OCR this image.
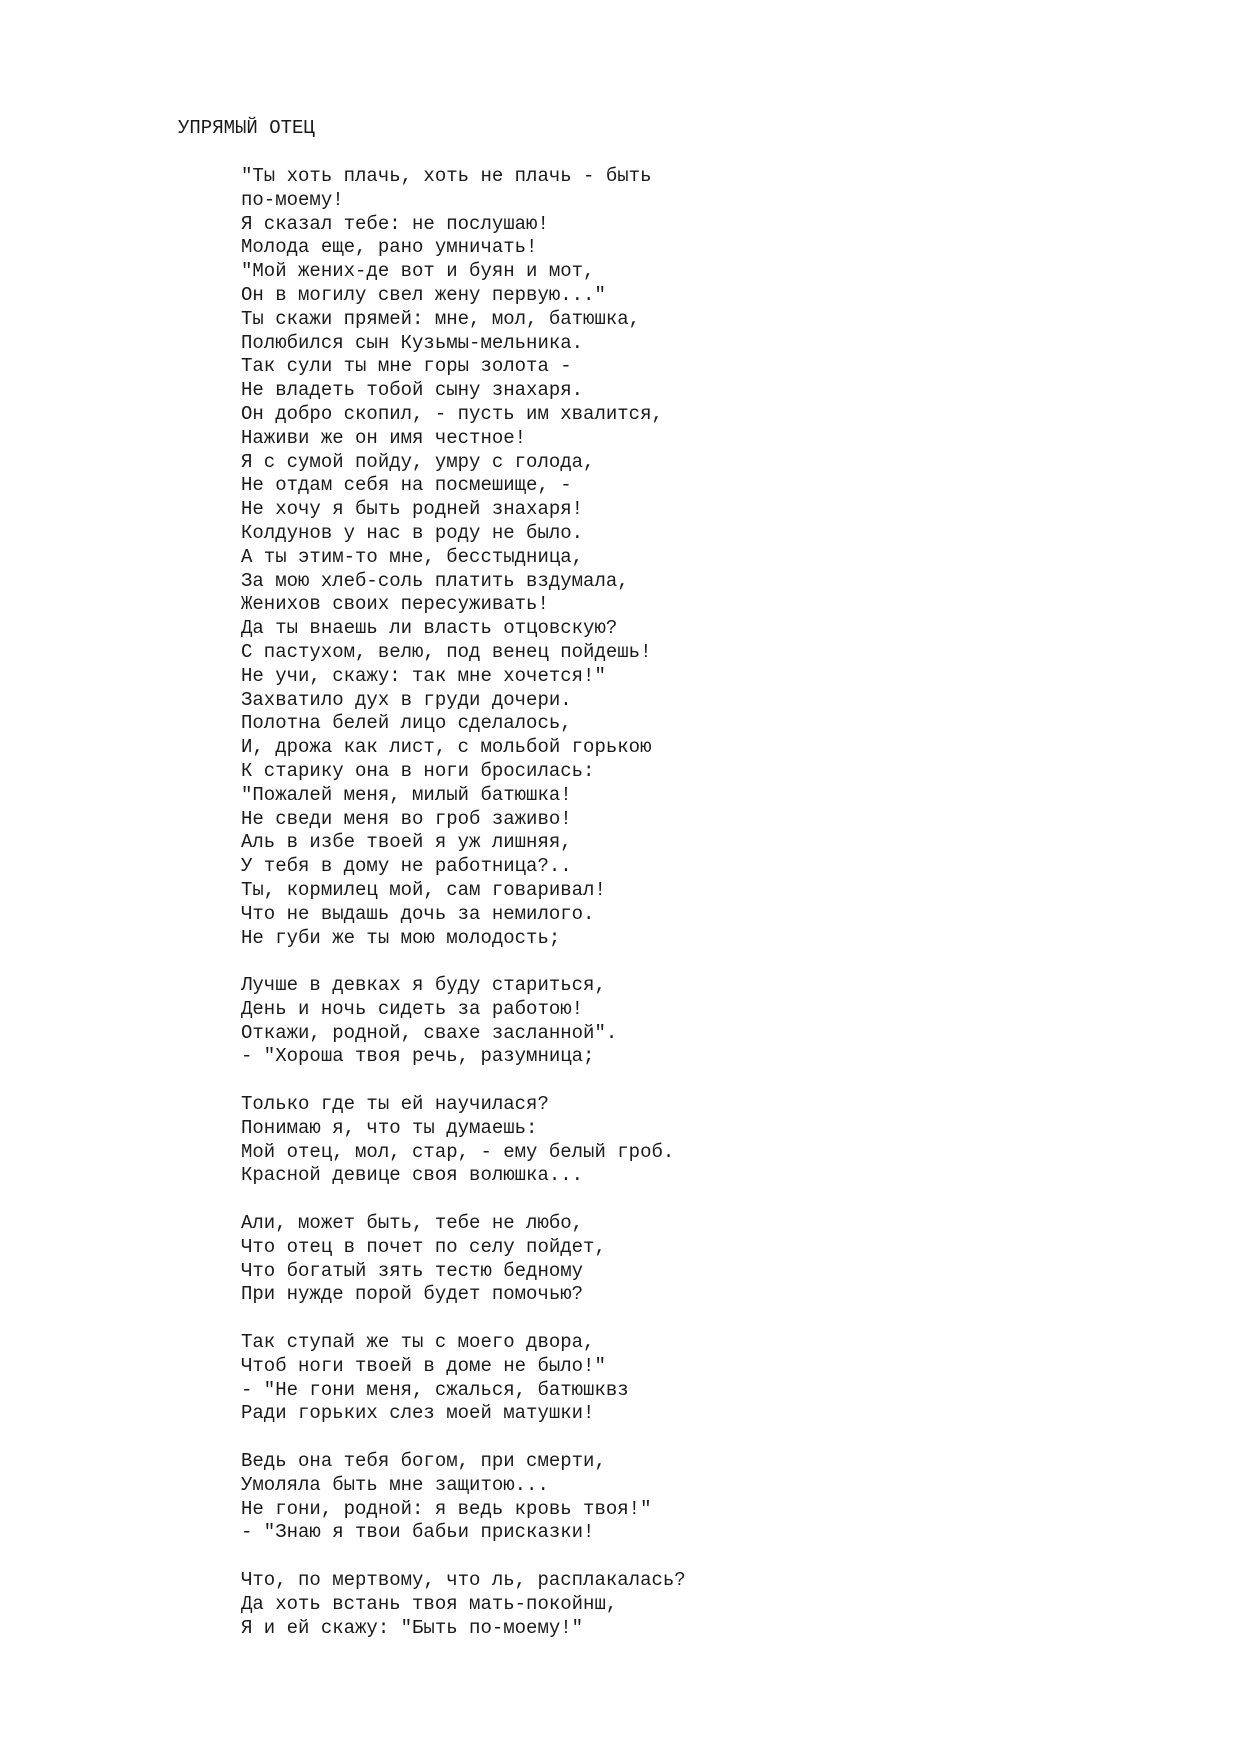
УПРЯМЫЙ ОТЕЦ
"Ты хоть плачь, хоть не плачь - быть
по-моему!
Я сказал тебе: не послушаю!
Молода еще, рано умничать!
"Мой жених-де вот и буян и мот,
Он в могилу свел жену первую..."
Ты скажи прямей: мне, мол, батюшка,
Полюбился сын Кузьмы-мельника.
Так сули ты мне горы золота -
Не владеть тобой сыну знахаря.
Он добро скопил, - пусть им хвалится,
Наживи же он имя честное!
Я с сумой пойду, умру с голода,
Не отдам себя на посмешище, -
Не хочу я быть родней знахаря!
Колдунов у нас в роду не было.
А ты этим-то мне, бесстыдница,
За мою хлеб-соль платить вздумала,
Женихов своих пересуживать!
Да ты внаешь ли власть отцовскую?
С пастухом, велю, под венец пойдешь!
Не учи, скажу: так мне хочется!"
Захватило дух в груди дочери.
Полотна белей лицо сделалось,
И, дрожа как лист, с мольбой горькою
К старику она в ноги бросилась:
"Пожалей меня, милый батюшка!
Не сведи меня во гроб заживо!
Аль в избе твоей я уж лишняя,
У тебя в дому не работница?..
Ты, кормилец мой, сам говаривал!
Что не выдашь дочь за немилого.
Не губи же ты мою молодость;
Лучше в девках я буду стариться,
День и ночь сидеть за работою!
Откажи, родной, свахе засланной".
- "Хороша твоя речь, разумница;
Только где ты ей научилася?
Понимаю я, что ты думаешь:
Мой отец, мол, стар, - ему белый гроб.
Красной девице своя волюшка...
Али, может быть, тебе не любо,
Что отец в почет по селу пойдет,
Что богатый зять тестю бедному
При нужде порой будет помочью?
Так ступай же ты с моего двора,
Чтоб ноги твоей в доме не было!"
- "Не гони меня, сжалься, батюшквз
Ради горьких слез моей матушки!
Ведь она тебя богом, при смерти,
Умоляла быть мне защитою...
Не гони, родной: я ведь кровь твоя!"
- "Знаю я твои бабьи присказки!
Что, по мертвому, что ль, расплакалась?
Да хоть встань твоя мать-покойнш,
Я и ей скажу: "Быть по-моему!"
